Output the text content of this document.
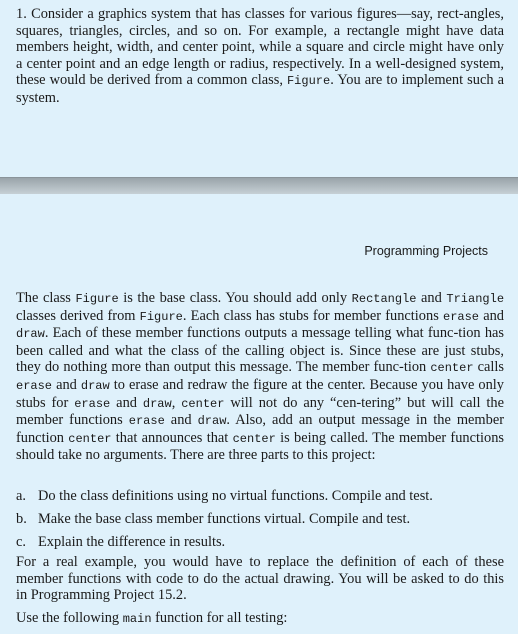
1. Consider a graphics system that has classes for various figures—say, rect-angles, squares, triangles, circles, and so on. For example, a rectangle might have data members height, width, and center point, while a square and circle might have only a center point and an edge length or radius, respectively. In a well-designed system, these would be derived from a common class, Figure. You are to implement such a system.

Programming Projects

The class Figure is the base class. You should add only Rectangle and Triangle classes derived from Figure. Each class has stubs for member functions erase and draw. Each of these member functions outputs a message telling what func-tion has been called and what the class of the calling object is. Since these are just stubs, they do nothing more than output this message. The member func-tion center calls erase and draw to erase and redraw the figure at the center. Because you have only stubs for erase and draw, center will not do any “cen-tering” but will call the member functions erase and draw. Also, add an output message in the member function center that announces that center is being called. The member functions should take no arguments. There are three parts to this project:

a. Do the class definitions using no virtual functions. Compile and test.

b. Make the base class member functions virtual. Compile and test.

c. Explain the difference in results.

For a real example, you would have to replace the definition of each of these member functions with code to do the actual drawing. You will be asked to do this in Programming Project 15.2.

Use the following main function for all testing:
